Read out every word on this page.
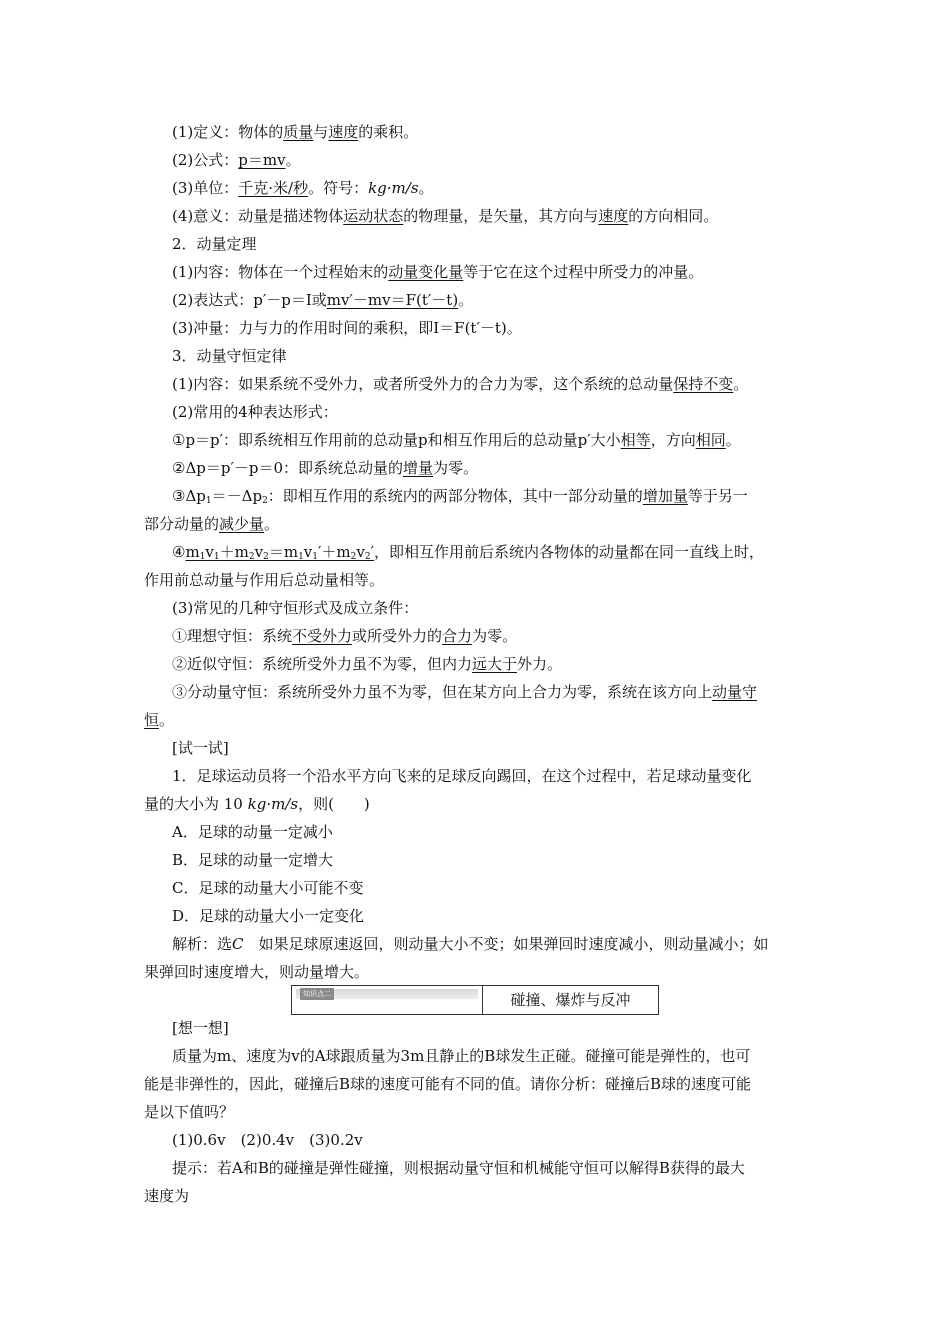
(1)定义：物体的质量与速度的乘积。
(2)公式：p＝mv。
(3)单位：千克·米/秒。符号：kg·m/s。
(4)意义：动量是描述物体运动状态的物理量，是矢量，其方向与速度的方向相同。
2．动量定理
(1)内容：物体在一个过程始末的动量变化量等于它在这个过程中所受力的冲量。
(2)表达式：p′－p＝I或mv′－mv＝F(t′－t)。
(3)冲量：力与力的作用时间的乘积，即I＝F(t′－t)。
3．动量守恒定律
(1)内容：如果系统不受外力，或者所受外力的合力为零，这个系统的总动量保持不变。
(2)常用的4种表达形式：
①p＝p′：即系统相互作用前的总动量p和相互作用后的总动量p′大小相等，方向相同。
②Δp＝p′－p＝0：即系统总动量的增量为零。
$③\Delta p_1=-\Delta p_2$：即相互作用的系统内的两部分物体，其中一部分动量的增加量等于另一
部分动量的减少量。
$④m_1v_1+m_2v_2=m_1v_1'+m_2v_2'$，即相互作用前后系统内各物体的动量都在同一直线上时，
作用前总动量与作用后总动量相等。
(3)常见的几种守恒形式及成立条件：
①理想守恒：系统不受外力或所受外力的合力为零。
②近似守恒：系统所受外力虽不为零，但内力远大于外力。
③分动量守恒：系统所受外力虽不为零，但在某方向上合力为零，系统在该方向上动量守
恒。
[试一试]
1．足球运动员将一个沿水平方向飞来的足球反向踢回，在这个过程中，若足球动量变化
量的大小为 10 kg·m/s，则(　　)
A．足球的动量一定减小
B．足球的动量一定增大
C．足球的动量大小可能不变
D．足球的动量大小一定变化
解析：选C　如果足球原速返回，则动量大小不变；如果弹回时速度减小，则动量减小；如
果弹回时速度增大，则动量增大。
知识点二	碰撞、爆炸与反冲
[想一想]
质量为m、速度为v的A球跟质量为3m且静止的B球发生正碰。碰撞可能是弹性的，也可
能是非弹性的，因此，碰撞后B球的速度可能有不同的值。请你分析：碰撞后B球的速度可能
是以下值吗？
(1)0.6v　(2)0.4v　(3)0.2v
提示：若A和B的碰撞是弹性碰撞，则根据动量守恒和机械能守恒可以解得B获得的最大
速度为
